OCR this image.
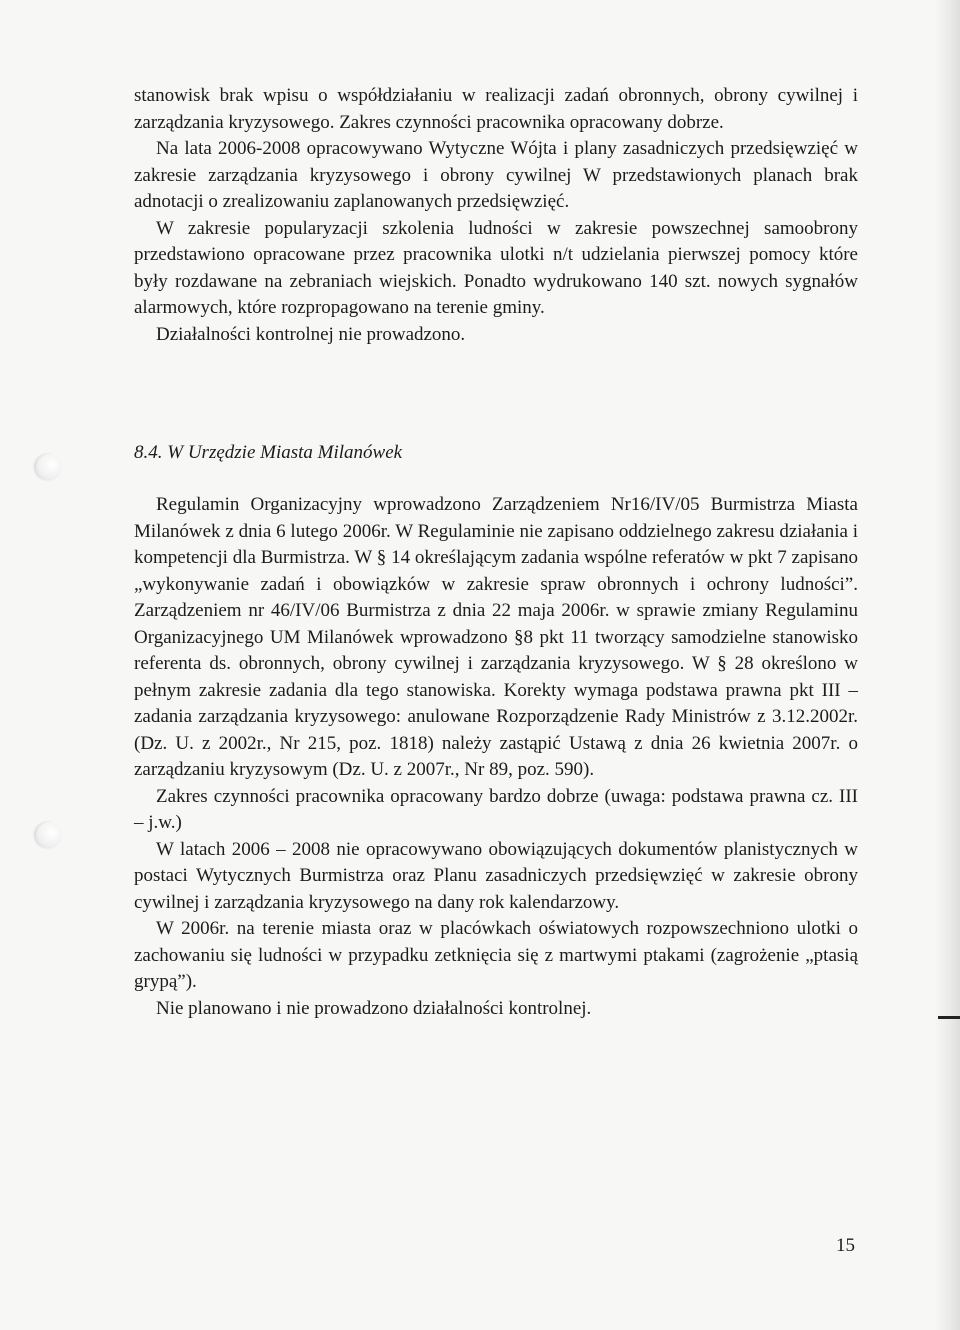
stanowisk brak wpisu o współdziałaniu w realizacji zadań obronnych, obrony cywilnej i zarządzania kryzysowego. Zakres czynności pracownika opracowany dobrze.

Na lata 2006-2008 opracowywano Wytyczne Wójta i plany zasadniczych przedsięwzięć w zakresie zarządzania kryzysowego i obrony cywilnej W przedstawionych planach brak adnotacji o zrealizowaniu zaplanowanych przedsięwzięć.

W zakresie popularyzacji szkolenia ludności w zakresie powszechnej samoobrony przedstawiono opracowane przez pracownika ulotki n/t udzielania pierwszej pomocy które były rozdawane na zebraniach wiejskich. Ponadto wydrukowano 140 szt. nowych sygnałów alarmowych, które rozpropagowano na terenie gminy.

Działalności kontrolnej nie prowadzono.

8.4. W Urzędzie Miasta Milanówek

Regulamin Organizacyjny wprowadzono Zarządzeniem Nr16/IV/05 Burmistrza Miasta Milanówek z dnia 6 lutego 2006r. W Regulaminie nie zapisano oddzielnego zakresu działania i kompetencji dla Burmistrza. W § 14 określającym zadania wspólne referatów w pkt 7 zapisano „wykonywanie zadań i obowiązków w zakresie spraw obronnych i ochrony ludności”. Zarządzeniem nr 46/IV/06 Burmistrza z dnia 22 maja 2006r. w sprawie zmiany Regulaminu Organizacyjnego UM Milanówek wprowadzono §8 pkt 11 tworzący samodzielne stanowisko referenta ds. obronnych, obrony cywilnej i zarządzania kryzysowego. W § 28 określono w pełnym zakresie zadania dla tego stanowiska. Korekty wymaga podstawa prawna pkt III – zadania zarządzania kryzysowego: anulowane Rozporządzenie Rady Ministrów z 3.12.2002r. (Dz. U. z 2002r., Nr 215, poz. 1818) należy zastąpić Ustawą z dnia 26 kwietnia 2007r. o zarządzaniu kryzysowym (Dz. U. z 2007r., Nr 89, poz. 590).

Zakres czynności pracownika opracowany bardzo dobrze (uwaga: podstawa prawna cz. III – j.w.)

W latach 2006 – 2008 nie opracowywano obowiązujących dokumentów planistycznych w postaci Wytycznych Burmistrza oraz Planu zasadniczych przedsięwzięć w zakresie obrony cywilnej i zarządzania kryzysowego na dany rok kalendarzowy.

W 2006r. na terenie miasta oraz w placówkach oświatowych rozpowszechniono ulotki o zachowaniu się ludności w przypadku zetknięcia się z martwymi ptakami (zagrożenie „ptasią grypą”).

Nie planowano i nie prowadzono działalności kontrolnej.

15
